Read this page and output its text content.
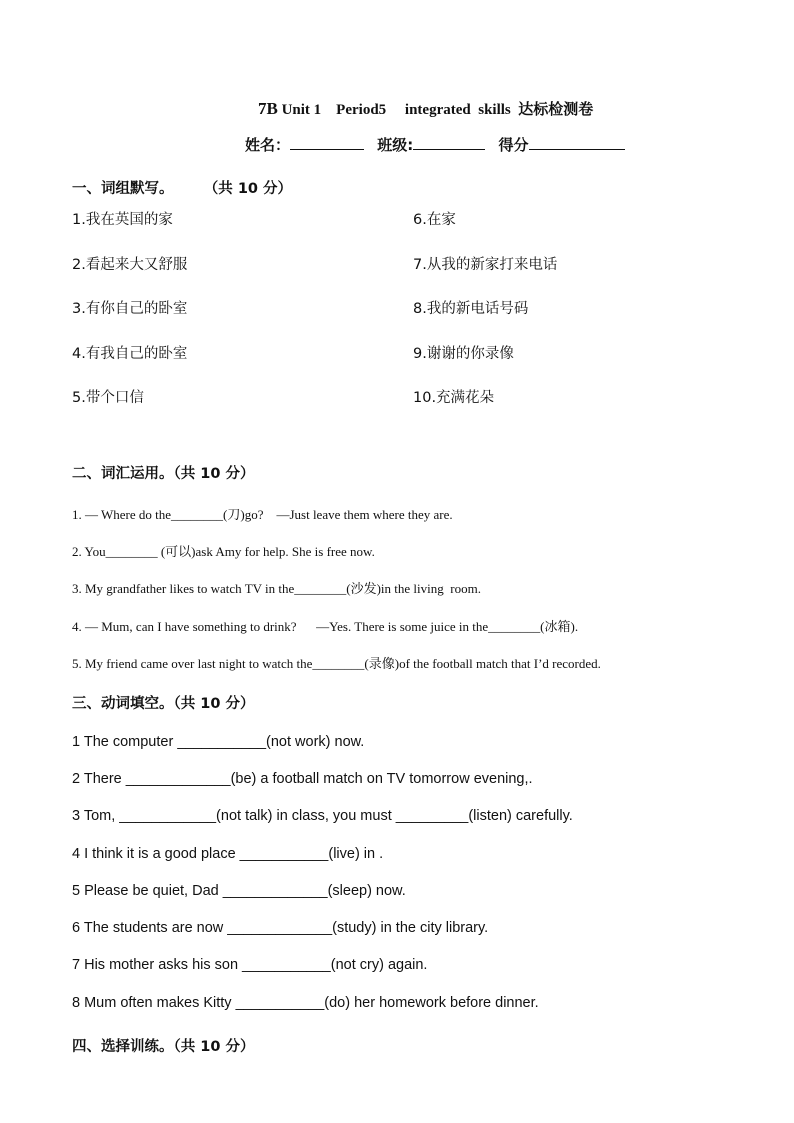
7B Unit 1    Period5     integrated  skills  达标检测卷
姓名：	班级:	得分
一、词组默写。      （共 10 分）
1.我在英国的家
2.看起来大又舒服
3.有你自己的卧室
4.有我自己的卧室
5.带个口信
6.在家
7.从我的新家打来电话
8.我的新电话号码
9.谢谢的你录像
10.充满花朵
二、词汇运用。（共 10 分）
1. — Where do the________(刀)go?    —Just leave them where they are.
2. You________ (可以)ask Amy for help. She is free now.
3. My grandfather likes to watch TV in the________(沙发)in the living  room.
4. — Mum, can I have something to drink?      —Yes. There is some juice in the________(冰箱).
5. My friend came over last night to watch the________(录像)of the football match that I’d recorded.
三、动词填空。（共 10 分）
1 The computer ___________(not work) now.
2 There _____________(be) a football match on TV tomorrow evening,.
3 Tom, ____________(not talk) in class, you must _________(listen) carefully.
4 I think it is a good place ___________(live) in .
5 Please be quiet, Dad _____________(sleep) now.
6 The students are now _____________(study) in the city library.
7 His mother asks his son ___________(not cry) again.
8 Mum often makes Kitty ___________(do) her homework before dinner.
四、选择训练。（共 10 分）
